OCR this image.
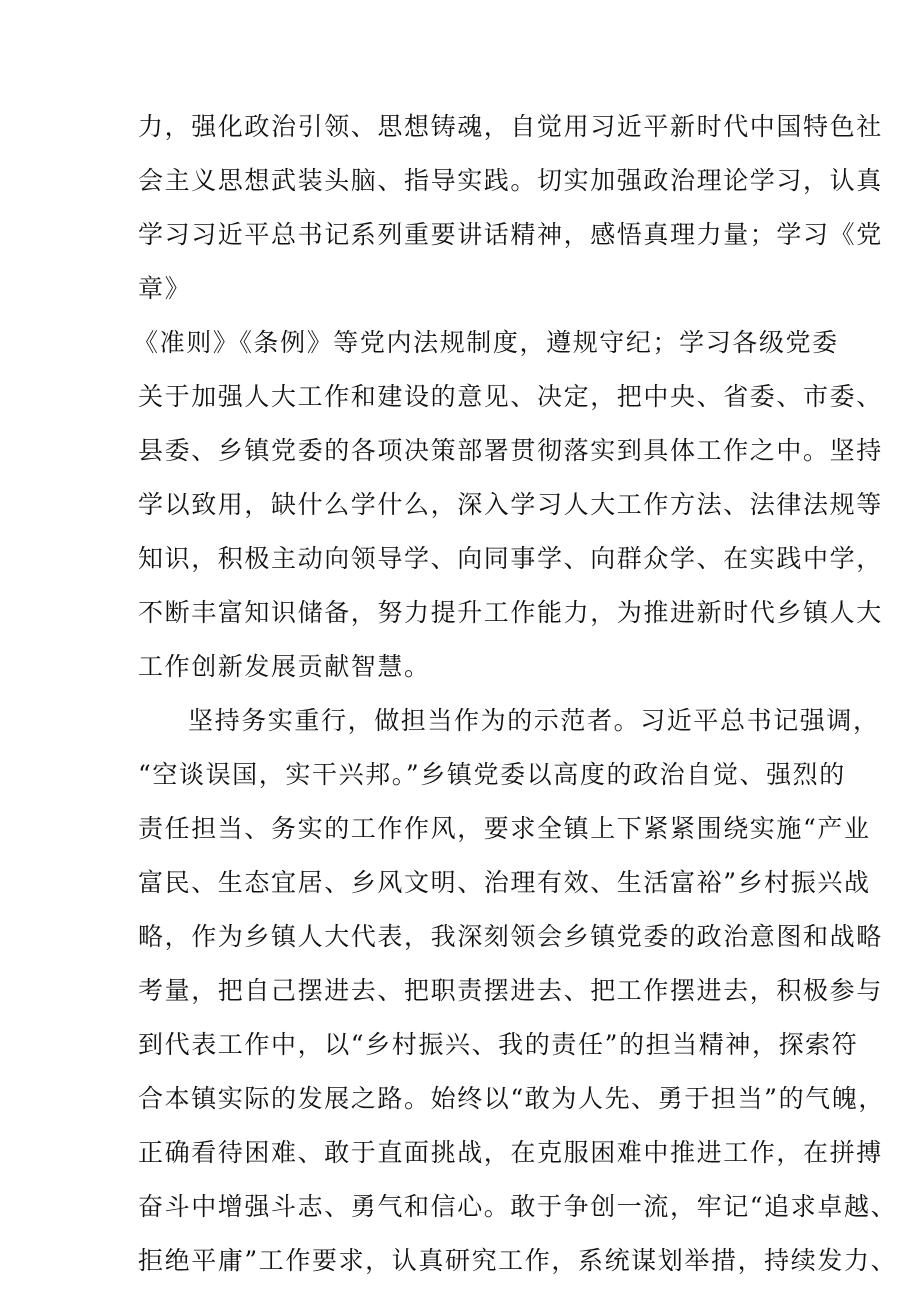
力，强化政治引领、思想铸魂，自觉用习近平新时代中国特色社
会主义思想武装头脑、指导实践。切实加强政治理论学习，认真
学习习近平总书记系列重要讲话精神，感悟真理力量；学习《党
章》
《准则》《条例》等党内法规制度，遵规守纪；学习各级党委
关于加强人大工作和建设的意见、决定，把中央、省委、市委、
县委、乡镇党委的各项决策部署贯彻落实到具体工作之中。坚持
学以致用，缺什么学什么，深入学习人大工作方法、法律法规等
知识，积极主动向领导学、向同事学、向群众学、在实践中学，
不断丰富知识储备，努力提升工作能力，为推进新时代乡镇人大
工作创新发展贡献智慧。
坚持务实重行，做担当作为的示范者。习近平总书记强调，
“空谈误国，实干兴邦。”乡镇党委以高度的政治自觉、强烈的
责任担当、务实的工作作风，要求全镇上下紧紧围绕实施“产业
富民、生态宜居、乡风文明、治理有效、生活富裕”乡村振兴战
略，作为乡镇人大代表，我深刻领会乡镇党委的政治意图和战略
考量，把自己摆进去、把职责摆进去、把工作摆进去，积极参与
到代表工作中，以“乡村振兴、我的责任”的担当精神，探索符
合本镇实际的发展之路。始终以“敢为人先、勇于担当”的气魄，
正确看待困难、敢于直面挑战，在克服困难中推进工作，在拼搏
奋斗中增强斗志、勇气和信心。敢于争创一流，牢记“追求卓越、
拒绝平庸”工作要求，认真研究工作，系统谋划举措，持续发力、
